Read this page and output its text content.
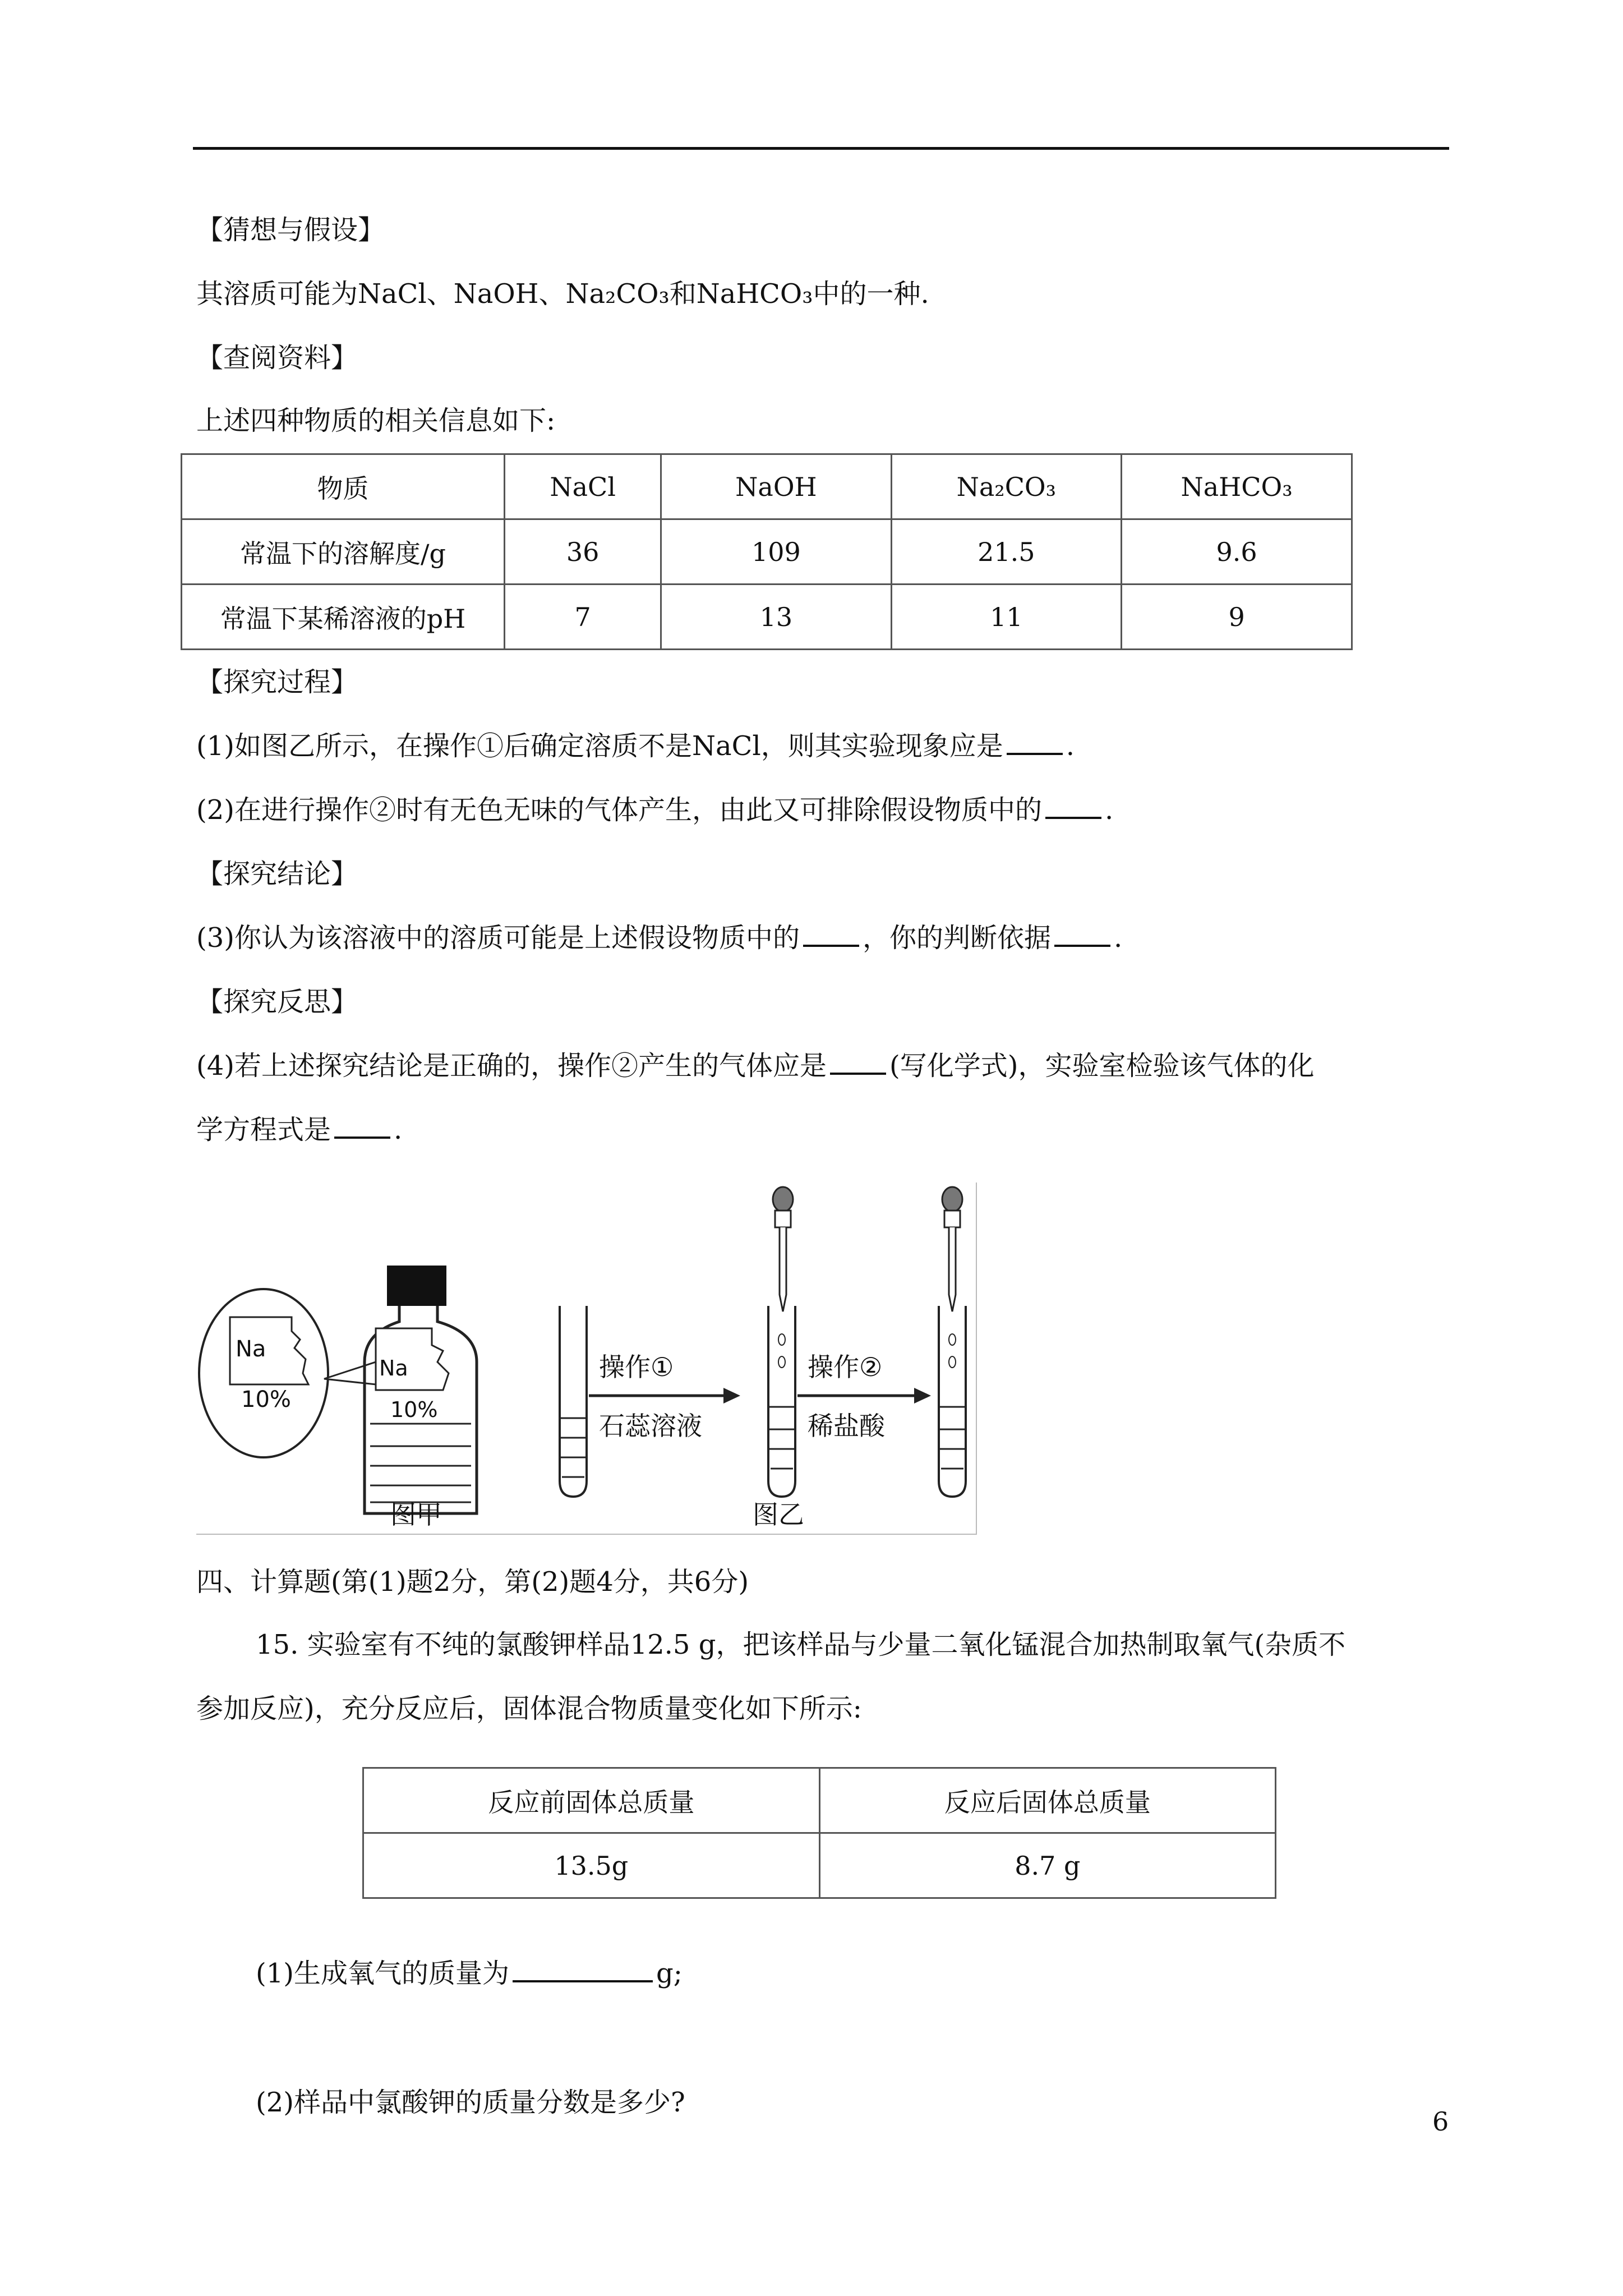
【猜想与假设】
其溶质可能为NaCl、NaOH、Na₂CO₃和NaHCO₃中的一种.
【查阅资料】
上述四种物质的相关信息如下:
物质	NaCl	NaOH	Na₂CO₃	NaHCO₃
常温下的溶解度/g	36	109	21.5	9.6
常温下某稀溶液的pH	7	13	11	9
【探究过程】
(1)如图乙所示，在操作①后确定溶质不是NaCl，则其实验现象应是 .
(2)在进行操作②时有无色无味的气体产生，由此又可排除假设物质中的 .
【探究结论】
(3)你认为该溶液中的溶质可能是上述假设物质中的 ，你的判断依据 .
【探究反思】
(4)若上述探究结论是正确的，操作②产生的气体应是 (写化学式)，实验室检验该气体的化
学方程式是 .
Na
10%
Na
10%
操作①
石蕊溶液
操作②
稀盐酸
图甲	图乙
四、计算题(第(1)题2分，第(2)题4分，共6分)
15. 实验室有不纯的氯酸钾样品12.5 g，把该样品与少量二氧化锰混合加热制取氧气(杂质不
参加反应)，充分反应后，固体混合物质量变化如下所示:
反应前固体总质量	反应后固体总质量
13.5g	8.7 g
(1)生成氧气的质量为	g;
(2)样品中氯酸钾的质量分数是多少?
6
